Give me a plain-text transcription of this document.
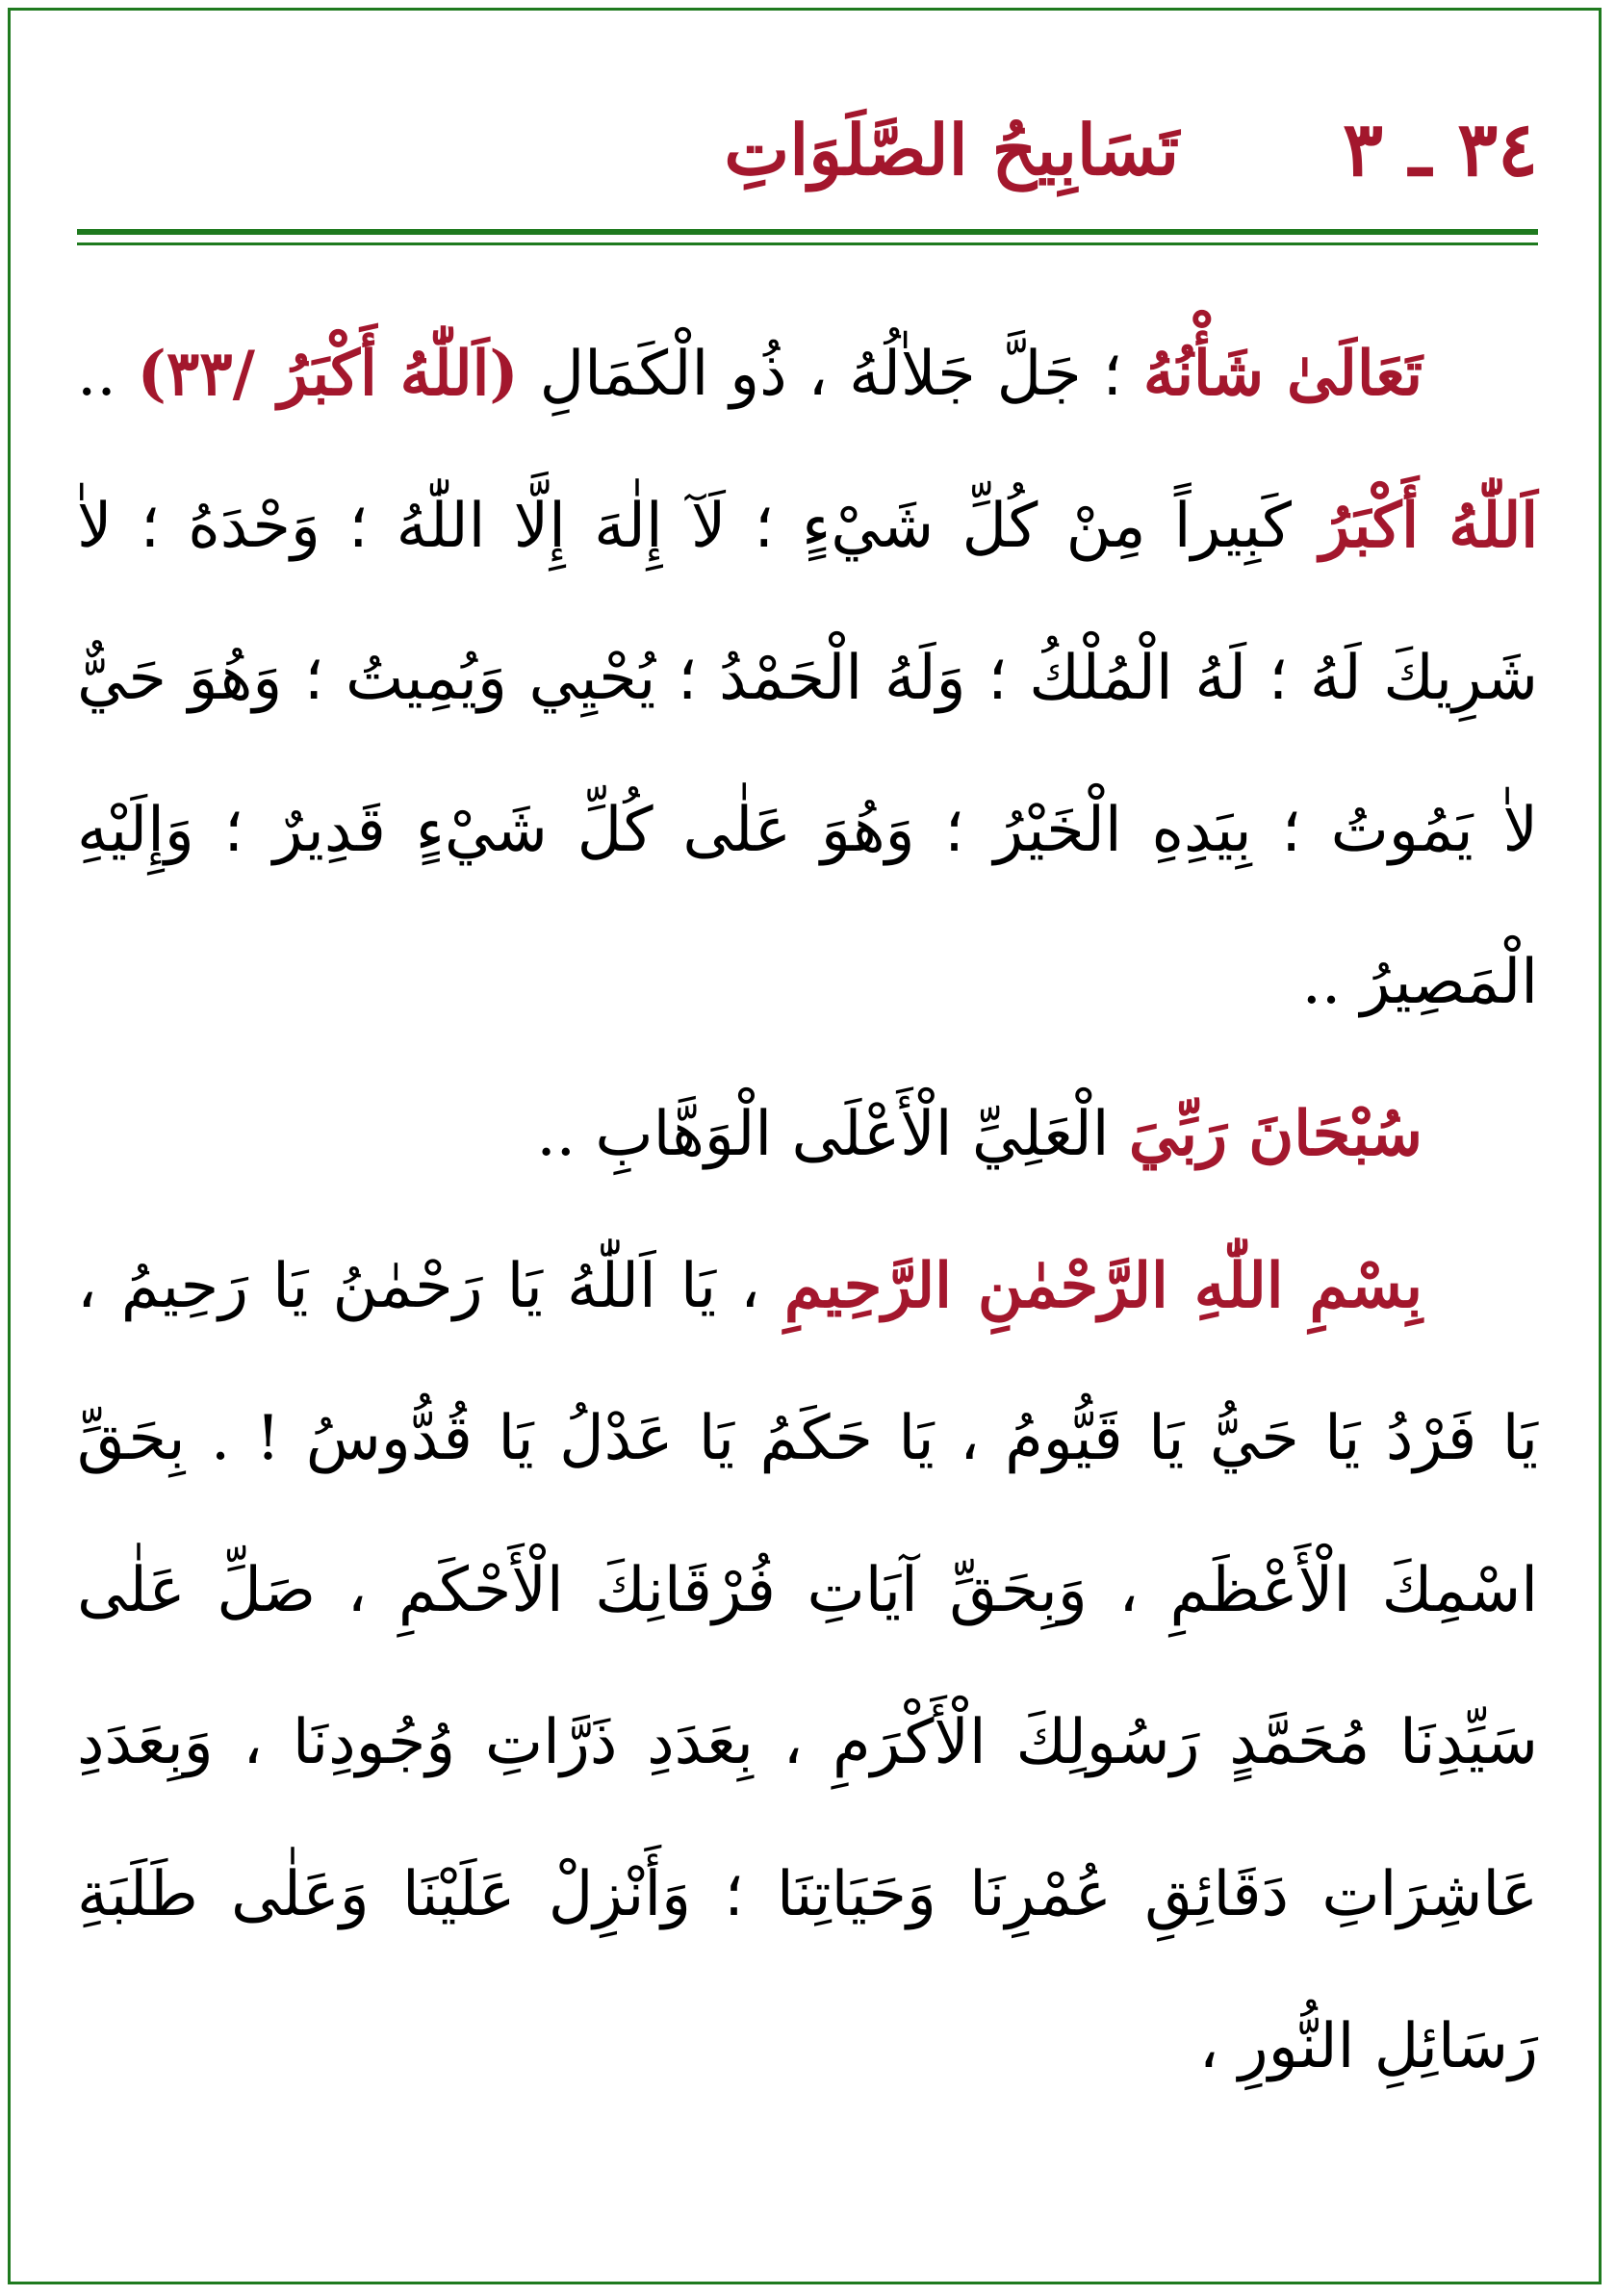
٣٤ ـ ٣
تَسَابِيحُ الصَّلَوَاتِ

تَعَالَىٰ شَأْنُهُ ؛ جَلَّ جَلاٰلُهُ ، ذُو الْكَمَالِ (اَللّٰهُ أَكْبَرُ /٣٣) .. اَللّٰهُ أَكْبَرُ كَبِيراً مِنْ كُلِّ شَيْءٍ ؛ لَآ إِلٰهَ إِلَّا اللّٰهُ ؛ وَحْدَهُ ؛ لاٰ شَرِيكَ لَهُ ؛ لَهُ الْمُلْكُ ؛ وَلَهُ الْحَمْدُ ؛ يُحْيِي وَيُمِيتُ ؛ وَهُوَ حَيٌّ لاٰ يَمُوتُ ؛ بِيَدِهِ الْخَيْرُ ؛ وَهُوَ عَلٰى كُلِّ شَيْءٍ قَدِيرٌ ؛ وَإِلَيْهِ الْمَصِيرُ ..

سُبْحَانَ رَبِّيَ الْعَلِيِّ الْأَعْلَى الْوَهَّابِ ..

بِسْمِ اللّٰهِ الرَّحْمٰنِ الرَّحِيمِ ، يَا اَللّٰهُ يَا رَحْمٰنُ يَا رَحِيمُ ، يَا فَرْدُ يَا حَيُّ يَا قَيُّومُ ، يَا حَكَمُ يَا عَدْلُ يَا قُدُّوسُ ! . بِحَقِّ اسْمِكَ الْأَعْظَمِ ، وَبِحَقِّ آيَاتِ فُرْقَانِكَ الْأَحْكَمِ ، صَلِّ عَلٰى سَيِّدِنَا مُحَمَّدٍ رَسُولِكَ الْأَكْرَمِ ، بِعَدَدِ ذَرَّاتِ وُجُودِنَا ، وَبِعَدَدِ عَاشِرَاتِ دَقَائِقِ عُمْرِنَا وَحَيَاتِنَا ؛ وَأَنْزِلْ عَلَيْنَا وَعَلٰى طَلَبَةِ رَسَائِلِ النُّورِ ،
